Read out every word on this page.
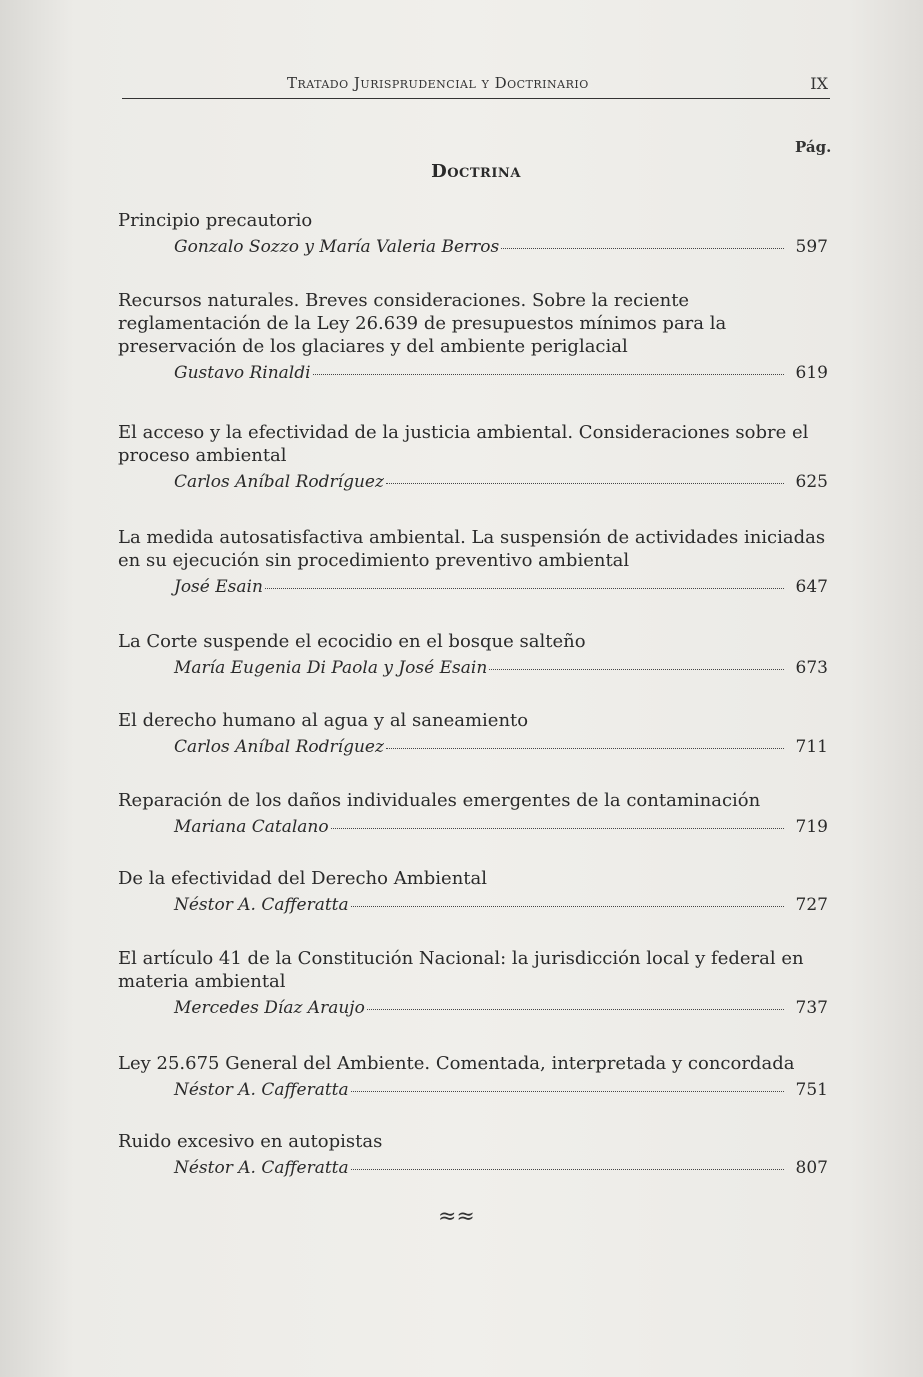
Tratado Jurisprudencial y Doctrinario	IX
Pág.
Doctrina

Principio precautorio

Gonzalo Sozzo y María Valeria Berros	597

Recursos naturales. Breves consideraciones. Sobre la reciente reglamentación de la Ley 26.639 de presupuestos mínimos para la preservación de los glaciares y del ambiente periglacial

Gustavo Rinaldi	619

El acceso y la efectividad de la justicia ambiental. Consideraciones sobre el proceso ambiental

Carlos Aníbal Rodríguez	625

La medida autosatisfactiva ambiental. La suspensión de actividades iniciadas en su ejecución sin procedimiento preventivo ambiental

José Esain	647

La Corte suspende el ecocidio en el bosque salteño

María Eugenia Di Paola y José Esain	673

El derecho humano al agua y al saneamiento

Carlos Aníbal Rodríguez	711

Reparación de los daños individuales emergentes de la contaminación

Mariana Catalano	719

De la efectividad del Derecho Ambiental

Néstor A. Cafferatta	727

El artículo 41 de la Constitución Nacional: la jurisdicción local y federal en materia ambiental

Mercedes Díaz Araujo	737

Ley 25.675 General del Ambiente. Comentada, interpretada y concordada

Néstor A. Cafferatta	751

Ruido excesivo en autopistas

Néstor A. Cafferatta	807
≈≈
